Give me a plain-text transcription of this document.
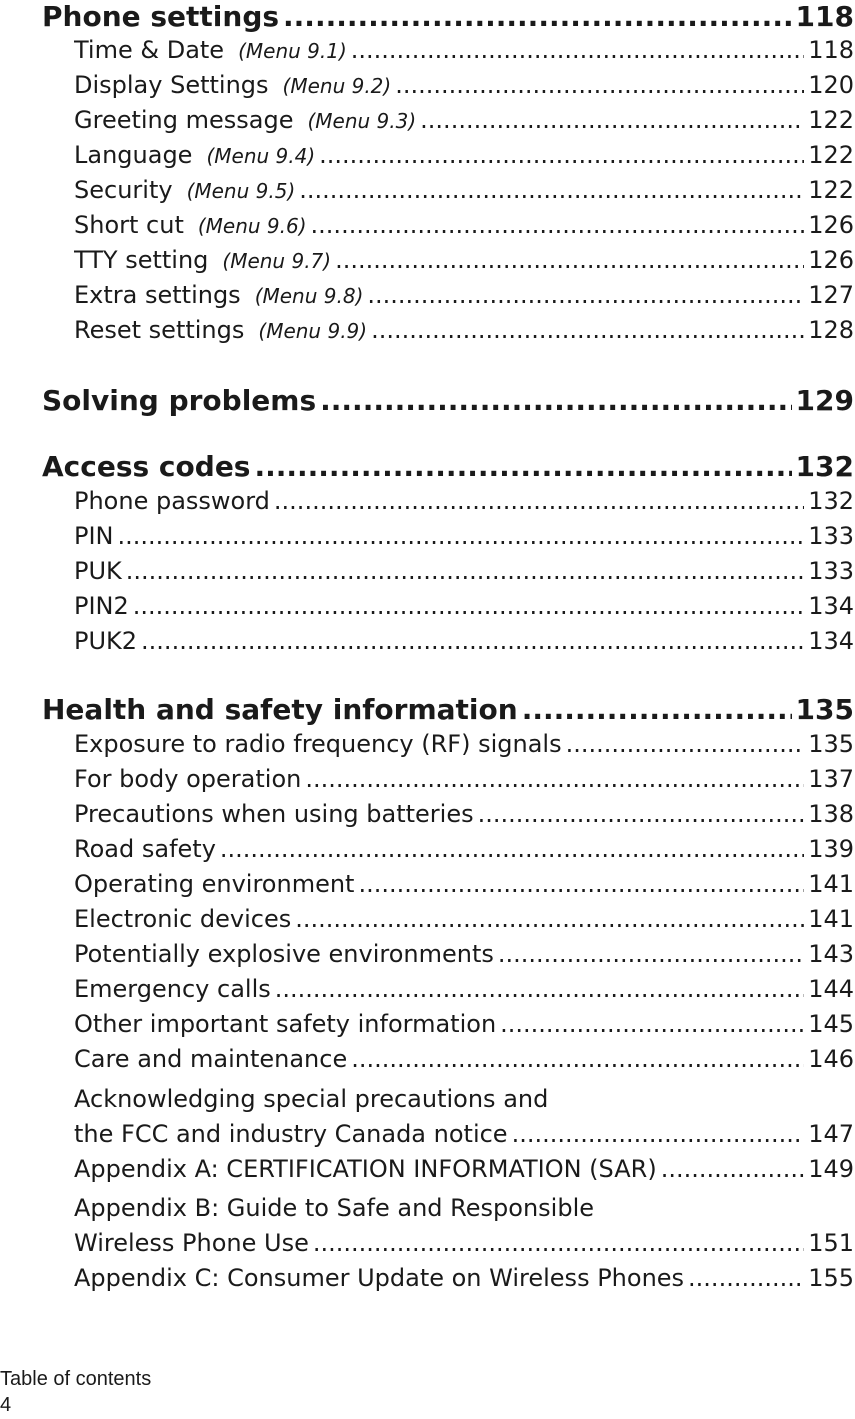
Phone settings .....	118
Time & Date (Menu 9.1) .....	118
Display Settings (Menu 9.2) .....	120
Greeting message (Menu 9.3) .....	122
Language (Menu 9.4) .....	122
Security (Menu 9.5) .....	122
Short cut (Menu 9.6) .....	126
TTY setting (Menu 9.7) .....	126
Extra settings (Menu 9.8) .....	127
Reset settings (Menu 9.9) .....	128
Solving problems .....	129
Access codes .....	132
Phone password .....	132
PIN .....	133
PUK .....	133
PIN2 .....	134
PUK2 .....	134
Health and safety information .....	135
Exposure to radio frequency (RF) signals .....	135
For body operation .....	137
Precautions when using batteries .....	138
Road safety .....	139
Operating environment .....	141
Electronic devices .....	141
Potentially explosive environments .....	143
Emergency calls .....	144
Other important safety information .....	145
Care and maintenance .....	146
Acknowledging special precautions and
the FCC and industry Canada notice .....	147
Appendix A: CERTIFICATION INFORMATION (SAR) .....	149
Appendix B: Guide to Safe and Responsible
Wireless Phone Use .....	151
Appendix C: Consumer Update on Wireless Phones .....	155
Table of contents
4
